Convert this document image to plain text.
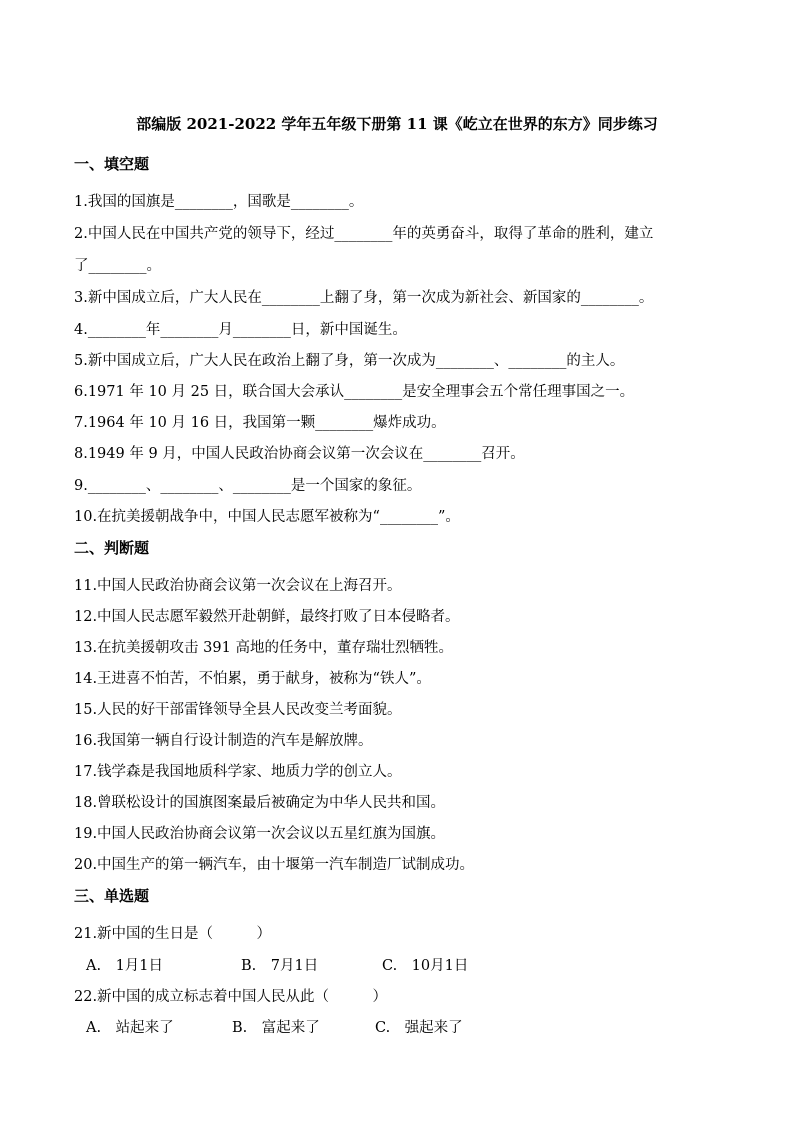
部编版 2021-2022 学年五年级下册第 11 课《屹立在世界的东方》同步练习
一、填空题
1.我国的国旗是________，国歌是________。
2.中国人民在中国共产党的领导下，经过________年的英勇奋斗，取得了革命的胜利，建立
了________。
3.新中国成立后，广大人民在________上翻了身，第一次成为新社会、新国家的________。
4.________年________月________日，新中国诞生。
5.新中国成立后，广大人民在政治上翻了身，第一次成为________、________的主人。
6.1971 年 10 月 25 日，联合国大会承认________是安全理事会五个常任理事国之一。
7.1964 年 10 月 16 日，我国第一颗________爆炸成功。
8.1949 年 9 月，中国人民政治协商会议第一次会议在________召开。
9.________、________、________是一个国家的象征。
10.在抗美援朝战争中，中国人民志愿军被称为“________”。
二、判断题
11.中国人民政治协商会议第一次会议在上海召开。
12.中国人民志愿军毅然开赴朝鲜，最终打败了日本侵略者。
13.在抗美援朝攻击 391 高地的任务中，董存瑞壮烈牺牲。
14.王进喜不怕苦，不怕累，勇于献身，被称为“铁人”。
15.人民的好干部雷锋领导全县人民改变兰考面貌。
16.我国第一辆自行设计制造的汽车是解放牌。
17.钱学森是我国地质科学家、地质力学的创立人。
18.曾联松设计的国旗图案最后被确定为中华人民共和国。
19.中国人民政治协商会议第一次会议以五星红旗为国旗。
20.中国生产的第一辆汽车，由十堰第一汽车制造厂试制成功。
三、单选题
21.新中国的生日是（　　　）
A.　1月1日	B.　7月1日	C.　10月1日
22.新中国的成立标志着中国人民从此（　　　）
A.　站起来了	B.　富起来了	C.　强起来了
